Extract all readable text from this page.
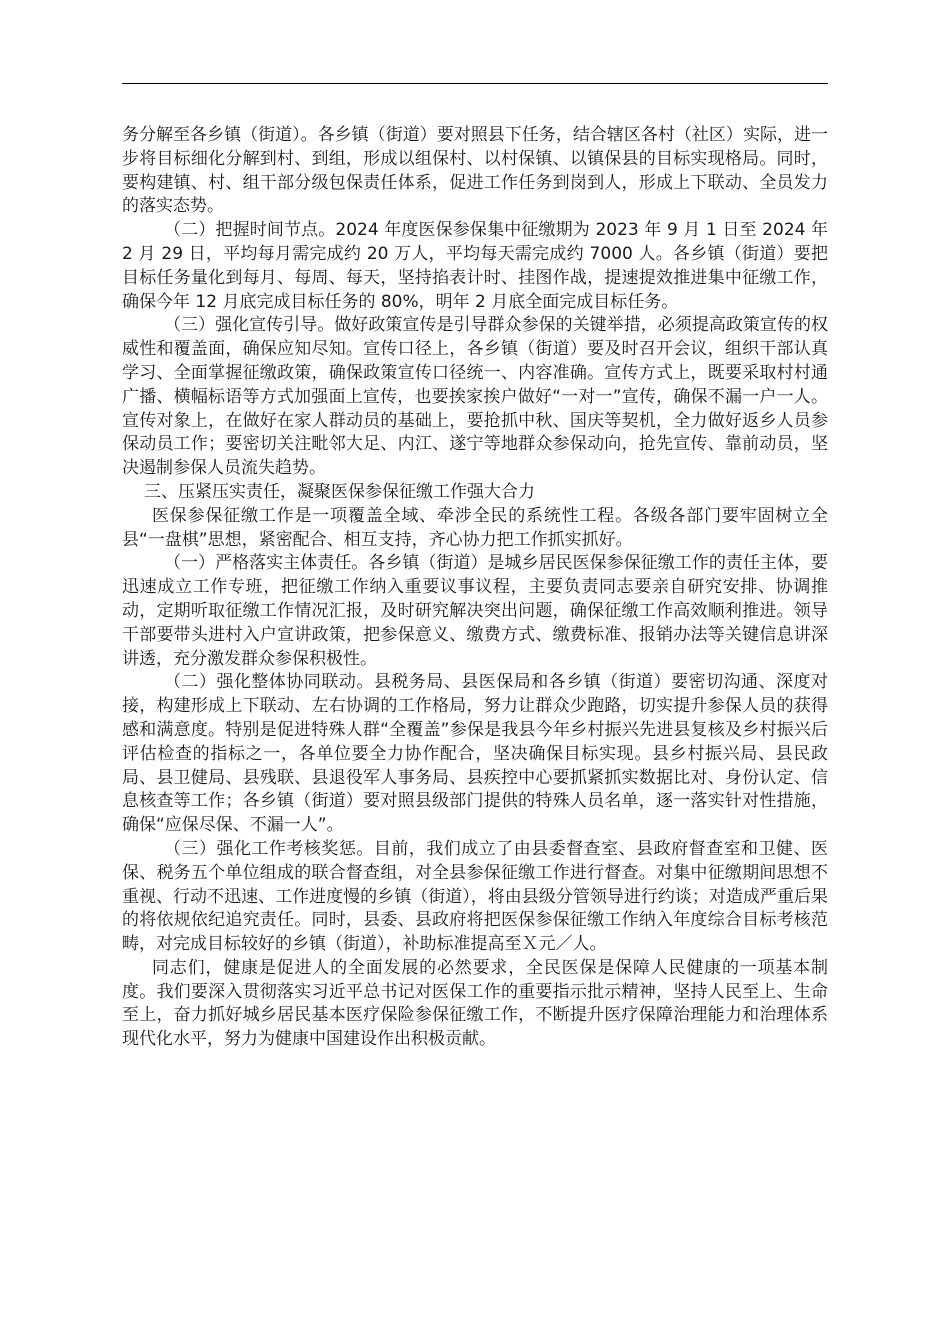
务分解至各乡镇（街道）。各乡镇（街道）要对照县下任务，结合辖区各村（社区）实际，进一步将目标细化分解到村、到组，形成以组保村、以村保镇、以镇保县的目标实现格局。同时，要构建镇、村、组干部分级包保责任体系，促进工作任务到岗到人，形成上下联动、全员发力的落实态势。

（二）把握时间节点。2024 年度医保参保集中征缴期为 2023 年 9 月 1 日至 2024 年 2 月 29 日，平均每月需完成约 20 万人，平均每天需完成约 7000 人。各乡镇（街道）要把目标任务量化到每月、每周、每天，坚持掐表计时、挂图作战，提速提效推进集中征缴工作，确保今年 12 月底完成目标任务的 80%，明年 2 月底全面完成目标任务。

（三）强化宣传引导。做好政策宣传是引导群众参保的关键举措，必须提高政策宣传的权威性和覆盖面，确保应知尽知。宣传口径上，各乡镇（街道）要及时召开会议，组织干部认真学习、全面掌握征缴政策，确保政策宣传口径统一、内容准确。宣传方式上，既要采取村村通广播、横幅标语等方式加强面上宣传，也要挨家挨户做好“一对一”宣传，确保不漏一户一人。宣传对象上，在做好在家人群动员的基础上，要抢抓中秋、国庆等契机，全力做好返乡人员参保动员工作；要密切关注毗邻大足、内江、遂宁等地群众参保动向，抢先宣传、靠前动员，坚决遏制参保人员流失趋势。

三、压紧压实责任，凝聚医保参保征缴工作强大合力

医保参保征缴工作是一项覆盖全域、牵涉全民的系统性工程。各级各部门要牢固树立全县“一盘棋”思想，紧密配合、相互支持，齐心协力把工作抓实抓好。

（一）严格落实主体责任。各乡镇（街道）是城乡居民医保参保征缴工作的责任主体，要迅速成立工作专班，把征缴工作纳入重要议事议程，主要负责同志要亲自研究安排、协调推动，定期听取征缴工作情况汇报，及时研究解决突出问题，确保征缴工作高效顺利推进。领导干部要带头进村入户宣讲政策，把参保意义、缴费方式、缴费标准、报销办法等关键信息讲深讲透，充分激发群众参保积极性。

（二）强化整体协同联动。县税务局、县医保局和各乡镇（街道）要密切沟通、深度对接，构建形成上下联动、左右协调的工作格局，努力让群众少跑路，切实提升参保人员的获得感和满意度。特别是促进特殊人群“全覆盖”参保是我县今年乡村振兴先进县复核及乡村振兴后评估检查的指标之一，各单位要全力协作配合，坚决确保目标实现。县乡村振兴局、县民政局、县卫健局、县残联、县退役军人事务局、县疾控中心要抓紧抓实数据比对、身份认定、信息核查等工作；各乡镇（街道）要对照县级部门提供的特殊人员名单，逐一落实针对性措施，确保“应保尽保、不漏一人”。

（三）强化工作考核奖惩。目前，我们成立了由县委督查室、县政府督查室和卫健、医保、税务五个单位组成的联合督查组，对全县参保征缴工作进行督查。对集中征缴期间思想不重视、行动不迅速、工作进度慢的乡镇（街道），将由县级分管领导进行约谈；对造成严重后果的将依规依纪追究责任。同时，县委、县政府将把医保参保征缴工作纳入年度综合目标考核范畴，对完成目标较好的乡镇（街道），补助标准提高至Ｘ元／人。

同志们，健康是促进人的全面发展的必然要求，全民医保是保障人民健康的一项基本制度。我们要深入贯彻落实习近平总书记对医保工作的重要指示批示精神，坚持人民至上、生命至上，奋力抓好城乡居民基本医疗保险参保征缴工作，不断提升医疗保障治理能力和治理体系现代化水平，努力为健康中国建设作出积极贡献。
